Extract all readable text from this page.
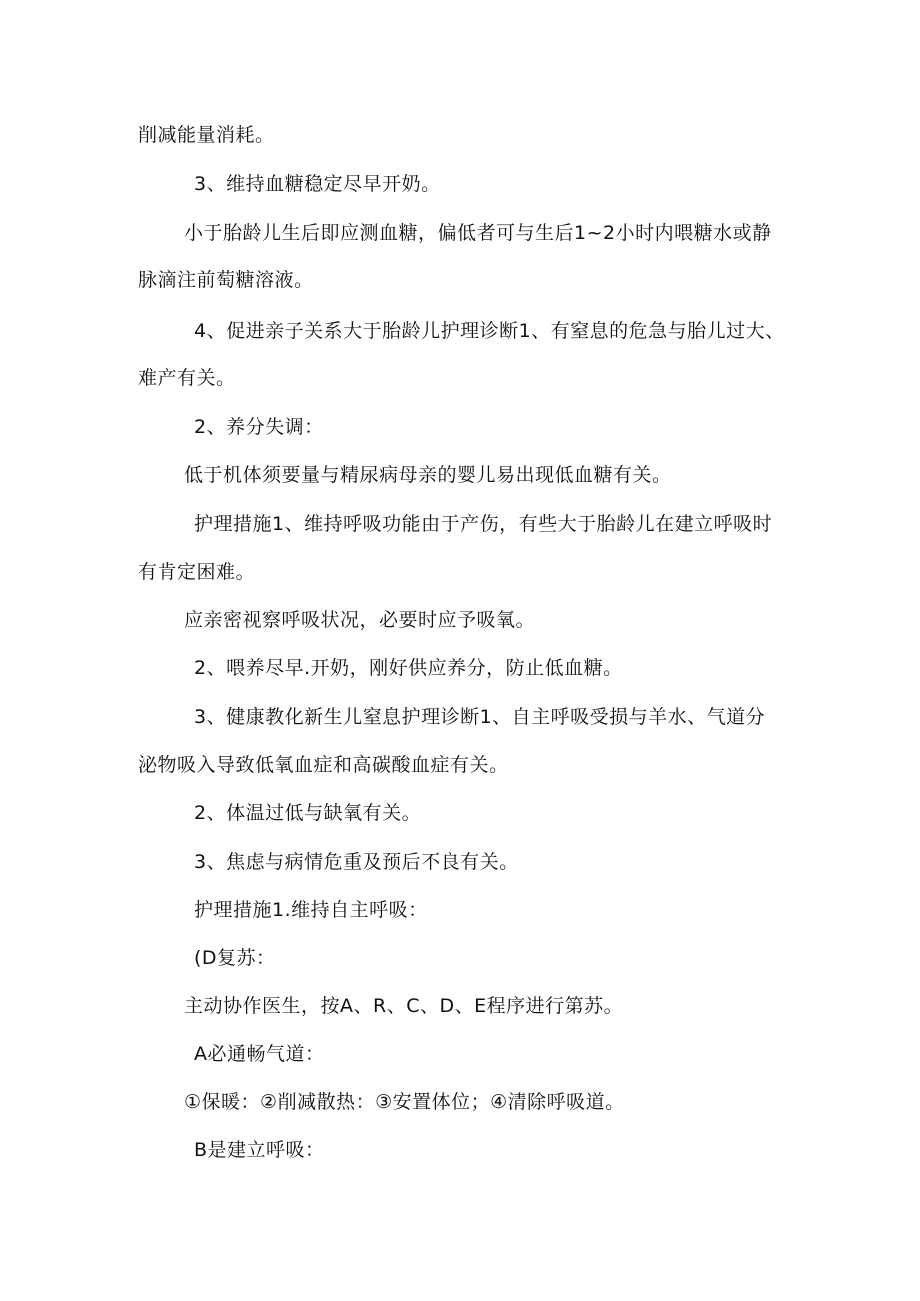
削减能量消耗。
3、维持血糖稳定尽早开奶。
小于胎龄儿生后即应测血糖，偏低者可与生后1~2小时内喂糖水或静
脉滴注前萄糖溶液。
4、促进亲子关系大于胎龄儿护理诊断1、有窒息的危急与胎儿过大、
难产有关。
2、养分失调：
低于机体须要量与精尿病母亲的婴儿易出现低血糖有关。
护理措施1、维持呼吸功能由于产伤，有些大于胎龄儿在建立呼吸时
有肯定困难。
应亲密视察呼吸状况，必要时应予吸氧。
2、喂养尽早.开奶，刚好供应养分，防止低血糖。
3、健康教化新生儿窒息护理诊断1、自主呼吸受损与羊水、气道分
泌物吸入导致低氧血症和高碳酸血症有关。
2、体温过低与缺氧有关。
3、焦虑与病情危重及预后不良有关。
护理措施1.维持自主呼吸：
(D复苏：
主动协作医生，按A、R、C、D、E程序进行第苏。
A必通畅气道：
①保暖：②削减散热：③安置体位；④清除呼吸道。
B是建立呼吸：
